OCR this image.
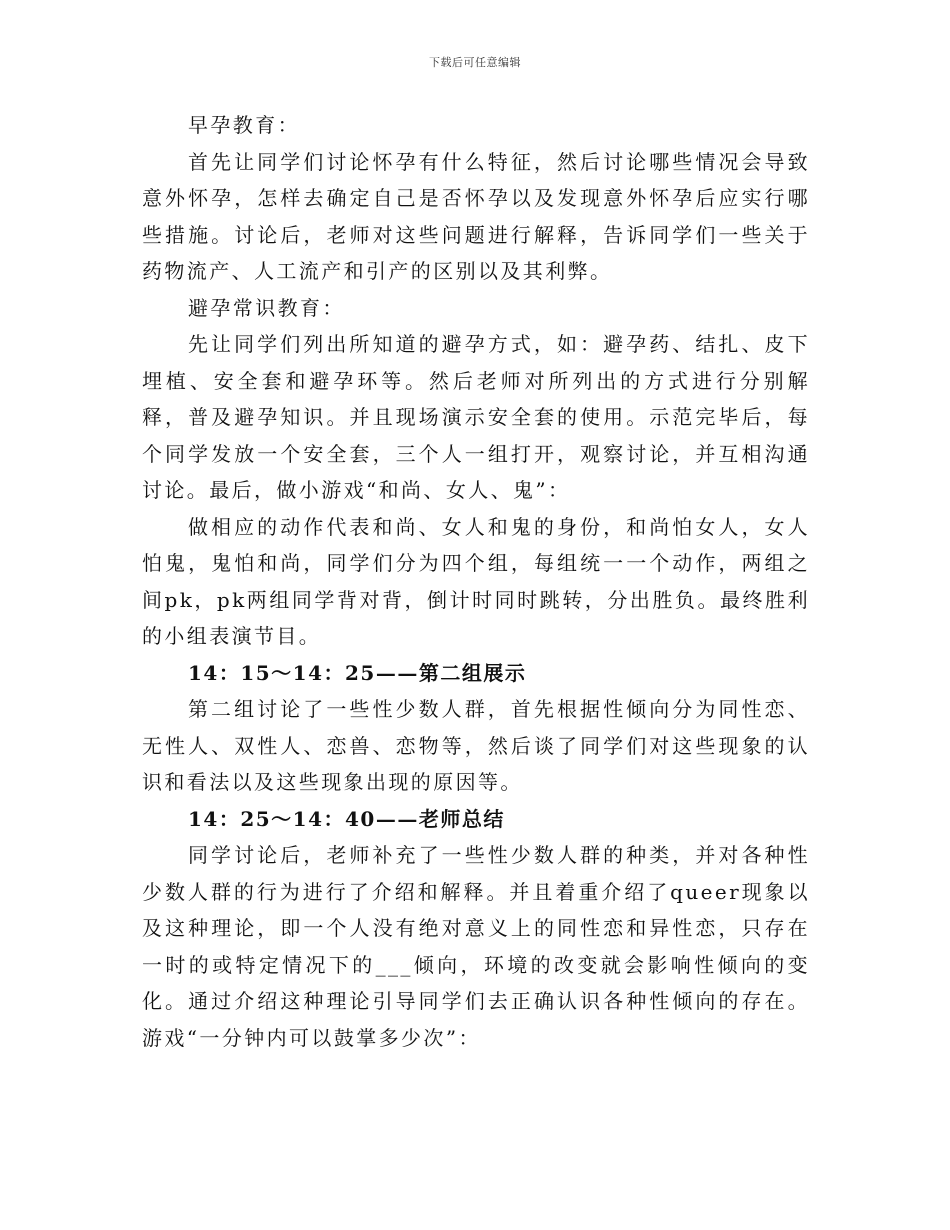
下载后可任意编辑

早孕教育：

首先让同学们讨论怀孕有什么特征，然后讨论哪些情况会导致意外怀孕，怎样去确定自己是否怀孕以及发现意外怀孕后应实行哪些措施。讨论后，老师对这些问题进行解释，告诉同学们一些关于药物流产、人工流产和引产的区别以及其利弊。

避孕常识教育：

先让同学们列出所知道的避孕方式，如：避孕药、结扎、皮下埋植、安全套和避孕环等。然后老师对所列出的方式进行分别解释，普及避孕知识。并且现场演示安全套的使用。示范完毕后，每个同学发放一个安全套，三个人一组打开，观察讨论，并互相沟通讨论。最后，做小游戏“和尚、女人、鬼”：

做相应的动作代表和尚、女人和鬼的身份，和尚怕女人，女人怕鬼，鬼怕和尚，同学们分为四个组，每组统一一个动作，两组之间pk，pk两组同学背对背，倒计时同时跳转，分出胜负。最终胜利的小组表演节目。

14：15～14：25——第二组展示

第二组讨论了一些性少数人群，首先根据性倾向分为同性恋、无性人、双性人、恋兽、恋物等，然后谈了同学们对这些现象的认识和看法以及这些现象出现的原因等。

14：25～14：40——老师总结

同学讨论后，老师补充了一些性少数人群的种类，并对各种性少数人群的行为进行了介绍和解释。并且着重介绍了queer现象以及这种理论，即一个人没有绝对意义上的同性恋和异性恋，只存在一时的或特定情况下的___倾向，环境的改变就会影响性倾向的变化。通过介绍这种理论引导同学们去正确认识各种性倾向的存在。游戏“一分钟内可以鼓掌多少次”：
